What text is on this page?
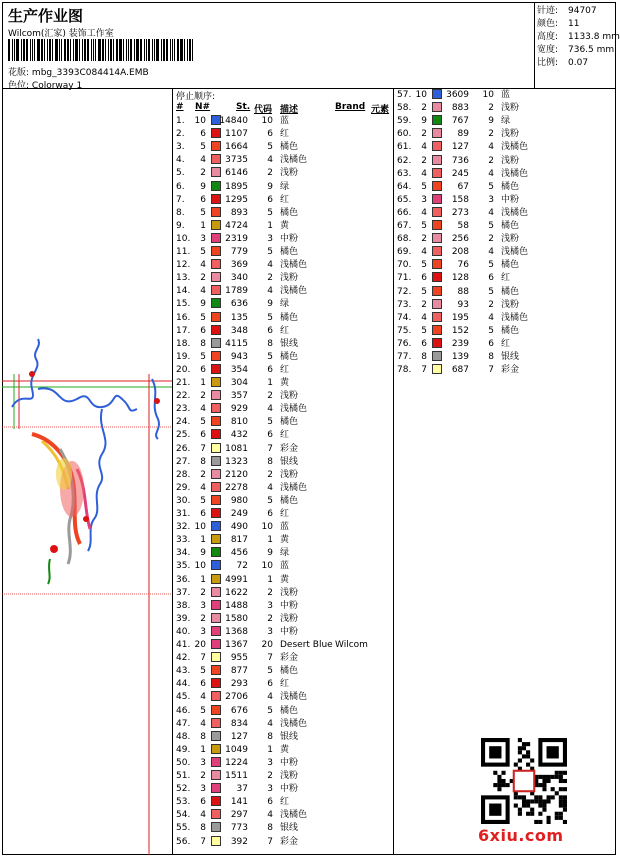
生产作业图
Wilcom(汇家) 装饰工作室
花版: mbg_3393C084414A.EMB
色位: Colorway 1
针迹: 94707
颜色: 11
高度: 1133.8 mm
宽度: 736.5 mm
比例: 0.07
停止顺序:
# N#	St. 代码 描述	Brand 元素
1. 10 14840 10 蓝
2. 6 1107 6 红
3. 5 1664 5 橘色
4. 4 3735 4 浅橘色
5. 2 6146 2 浅粉
6. 9 1895 9 绿
7. 6 1295 6 红
8. 5	893 5 橘色
9. 1 4724 1 黄
10. 3 2319 3 中粉
11. 5	779 5 橘色
12. 4	369 4 浅橘色
13. 2	340 2 浅粉
14. 4 1789 4 浅橘色
15. 9	636 9 绿
16. 5	135 5 橘色
17. 6	348 6 红
18. 8 4115 8 银线
19. 5	943 5 橘色
20. 6	354 6 红
21. 1	304 1 黄
22. 2	357 2 浅粉
23. 4	929 4 浅橘色
24. 5	810 5 橘色
25. 6	432 6 红
26. 7 1081 7 彩金
27. 8 1323 8 银线
28. 2 2120 2 浅粉
29. 4 2278 4 浅橘色
30. 5	980 5 橘色
31. 6	249 6 红
32. 10	490 10 蓝
33. 1	817 1 黄
34. 9	456 9 绿
35. 10	72 10 蓝
36. 1 4991 1 黄
37. 2 1622 2 浅粉
38. 3 1488 3 中粉
39. 2 1580 2 浅粉
40. 3 1368 3 中粉
41. 20 1367 20 Desert Blue Wilcom
42. 7	955 7 彩金
43. 5	877 5 橘色
44. 6	293 6 红
45. 4 2706 4 浅橘色
46. 5	676 5 橘色
47. 4	834 4 浅橘色
48. 8	127 8 银线
49. 1 1049 1 黄
50. 3 1224 3 中粉
51. 2 1511 2 浅粉
52. 3	37 3 中粉
53. 6	141 6 红
54. 4	297 4 浅橘色
55. 8	773 8 银线
56. 7	392 7 彩金
57. 10 3609 10 蓝
58. 2	883 2 浅粉
59. 9	767 9 绿
60. 2	89 2 浅粉
61. 4	127 4 浅橘色
62. 2	736 2 浅粉
63. 4	245 4 浅橘色
64. 5	67 5 橘色
65. 3	158 3 中粉
66. 4	273 4 浅橘色
67. 5	58 5 橘色
68. 2	256 2 浅粉
69. 4	208 4 浅橘色
70. 5	76 5 橘色
71. 6	128 6 红
72. 5	88 5 橘色
73. 2	93 2 浅粉
74. 4	195 4 浅橘色
75. 5	152 5 橘色
76. 6	239 6 红
77. 8	139 8 银线
78. 7	687 7 彩金
6xiu.com
